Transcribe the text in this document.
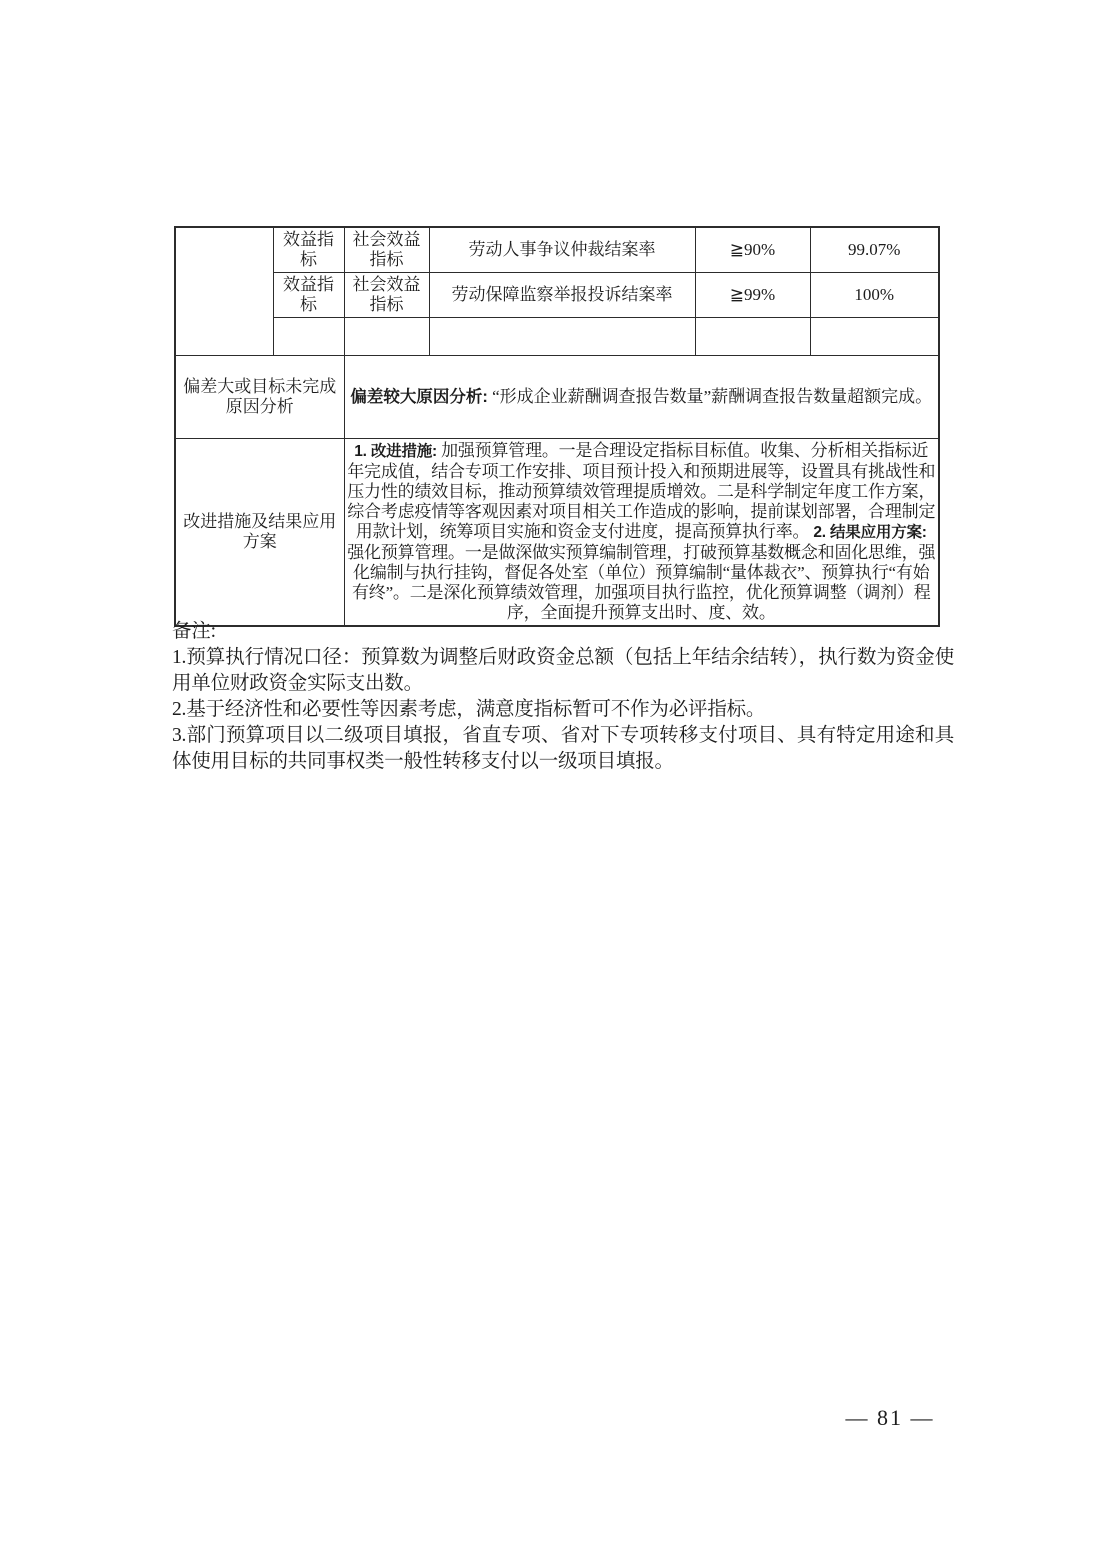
	效益指标	社会效益指标	劳动人事争议仲裁结案率	≧90%	99.07%
	效益指标	社会效益指标	劳动保障监察举报投诉结案率	≧99%	100%

偏差大或目标未完成原因分析		偏差较大原因分析: “形成企业薪酬调查报告数量”薪酬调查报告数量超额完成。			
改进措施及结果应用方案		1. 改进措施: 加强预算管理。一是合理设定指标目标值。收集、分析相关指标近年完成值，结合专项工作安排、项目预计投入和预期进展等，设置具有挑战性和压力性的绩效目标，推动预算绩效管理提质增效。二是科学制定年度工作方案，综合考虑疫情等客观因素对项目相关工作造成的影响，提前谋划部署，合理制定用款计划，统筹项目实施和资金支付进度，提高预算执行率。 2. 结果应用方案: 强化预算管理。一是做深做实预算编制管理，打破预算基数概念和固化思维，强化编制与执行挂钩，督促各处室（单位）预算编制“量体裁衣”、预算执行“有始有终”。二是深化预算绩效管理，加强项目执行监控，优化预算调整（调剂）程序，全面提升预算支出时、度、效。			
备注:
1.预算执行情况口径：预算数为调整后财政资金总额（包括上年结余结转），执行数为资金使用单位财政资金实际支出数。
2.基于经济性和必要性等因素考虑，满意度指标暂可不作为必评指标。
3.部门预算项目以二级项目填报，省直专项、省对下专项转移支付项目、具有特定用途和具体使用目标的共同事权类一般性转移支付以一级项目填报。
— 81 —
